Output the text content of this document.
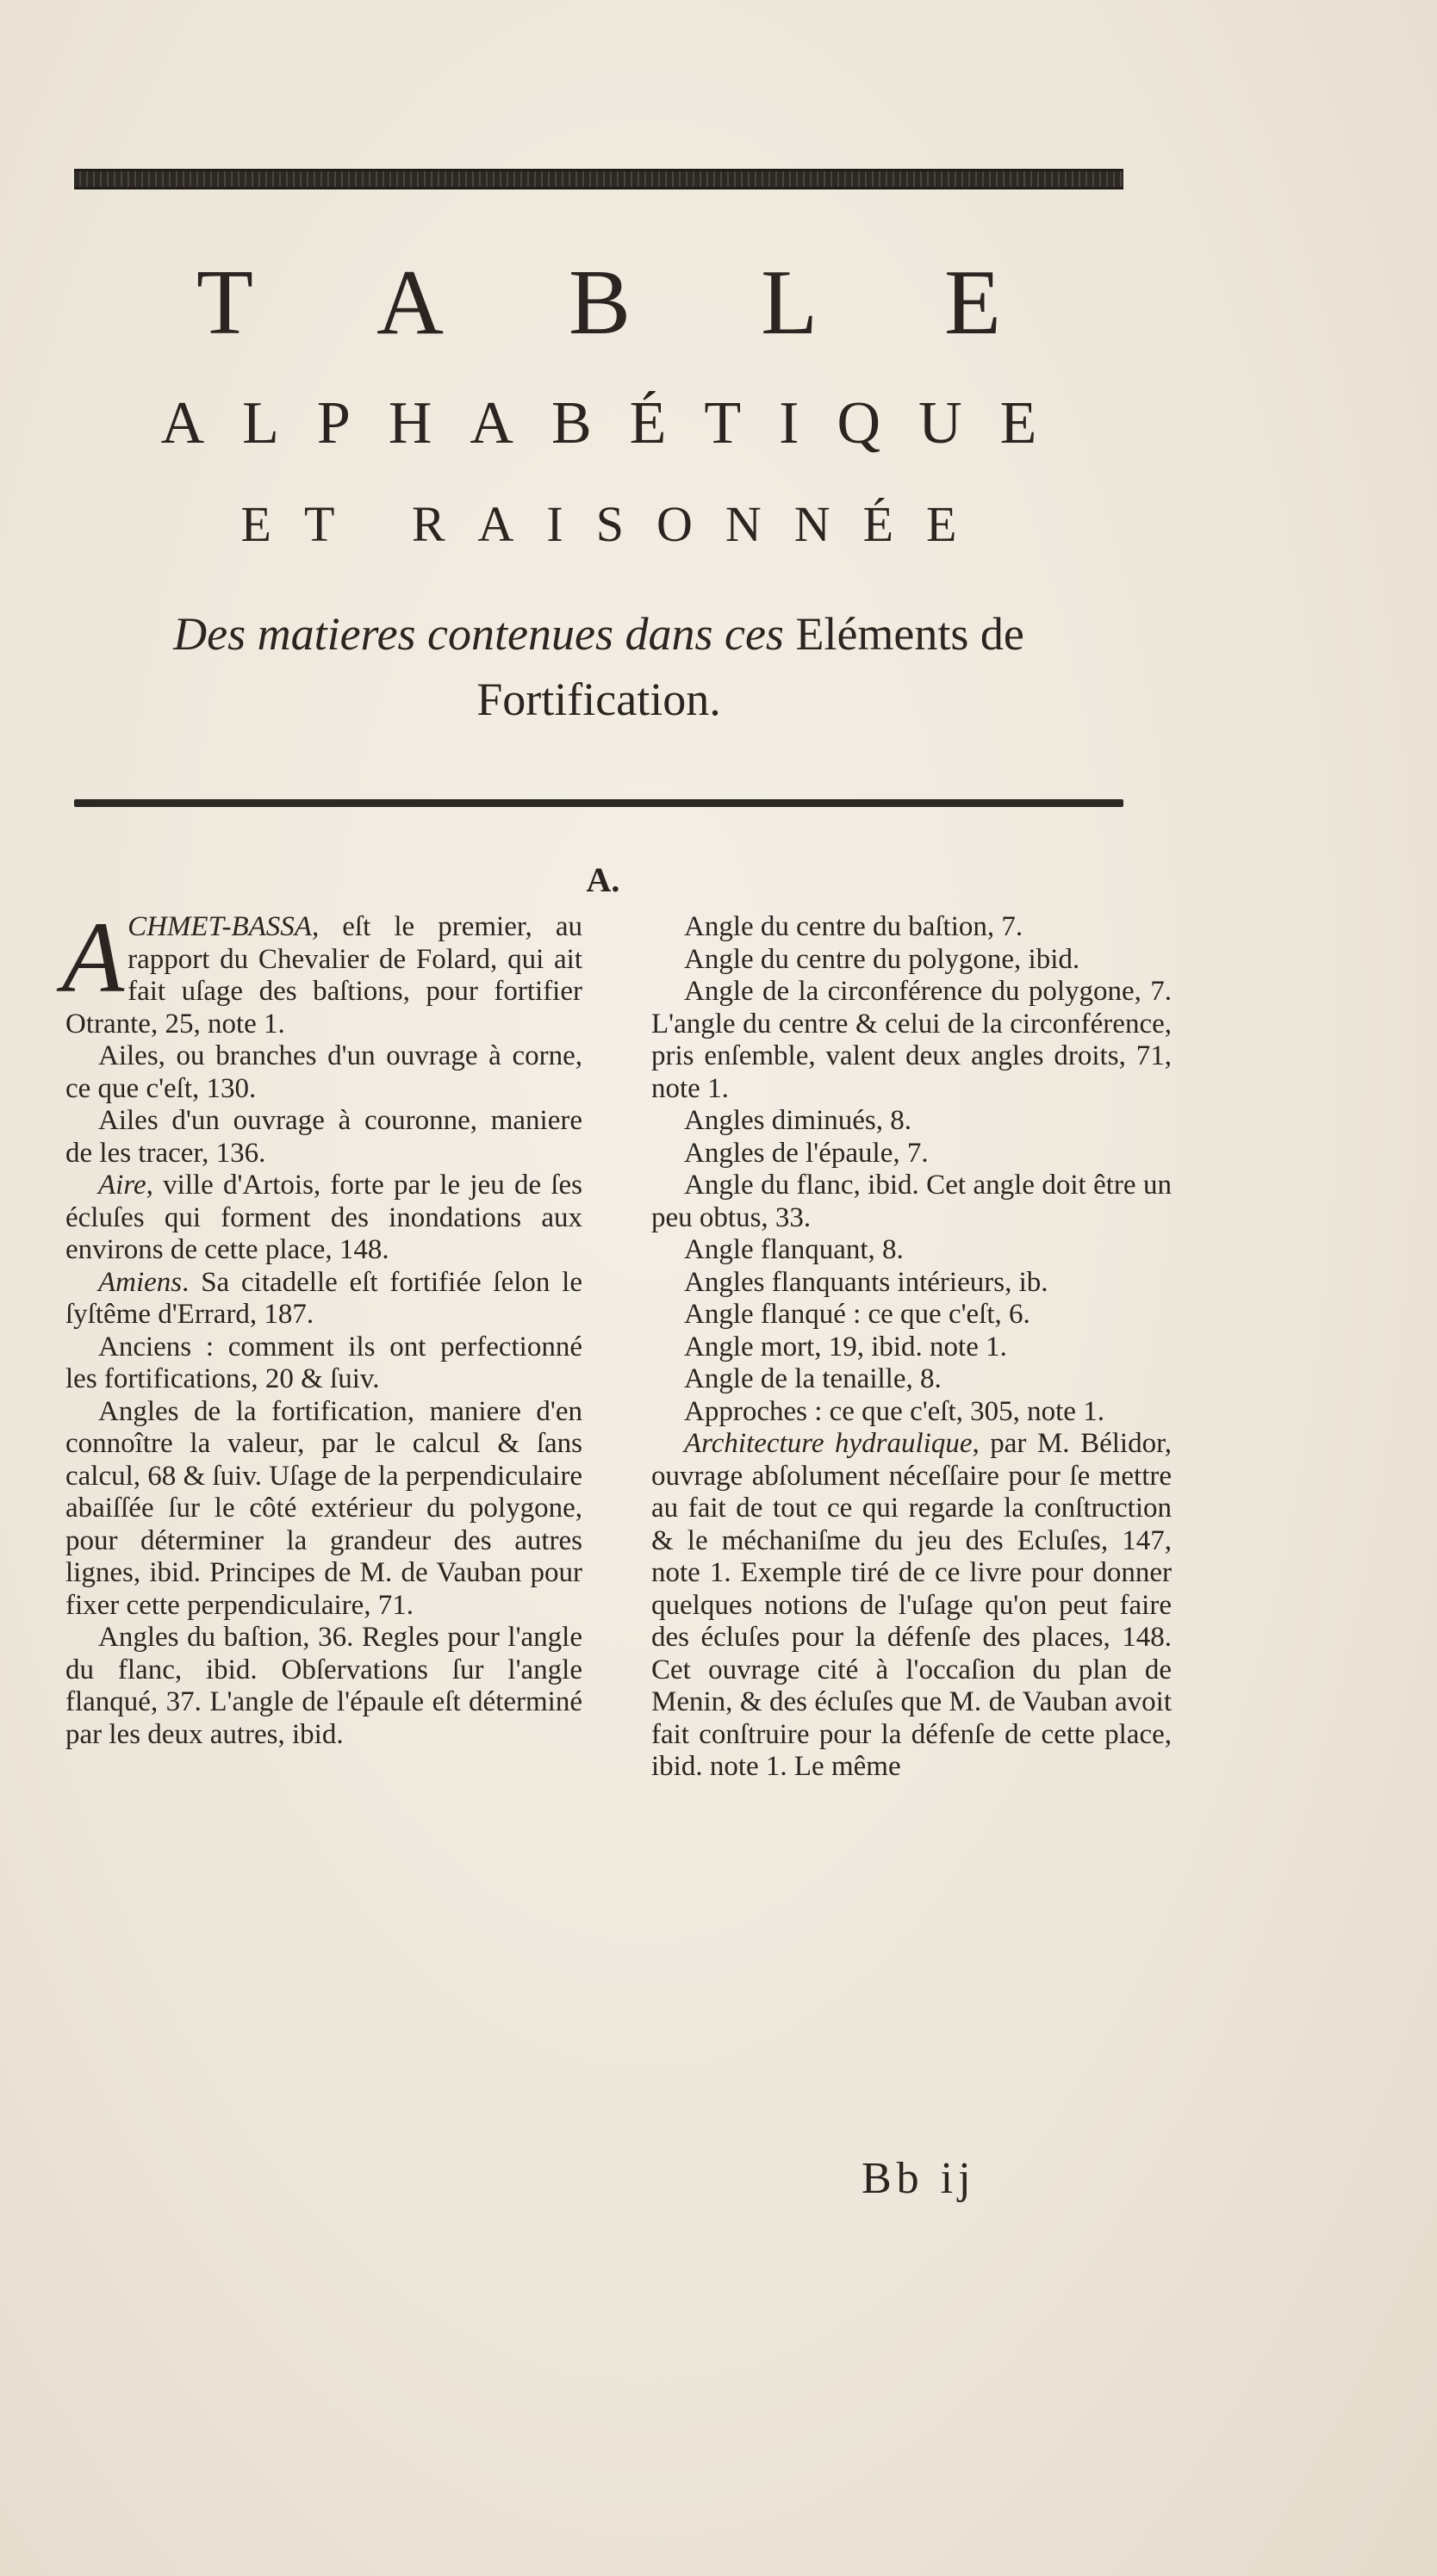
T A B L E
ALPHABÉTIQUE
ET RAISONNÉE
Des matieres contenues dans ces Eléments de
Fortification.
A.

ACHMET-BASSA, eſt le premier, au rapport du Chevalier de Folard, qui ait fait uſage des baſtions, pour fortifier Otrante, 25, note 1.

Ailes, ou branches d'un ouvrage à corne, ce que c'eſt, 130.

Ailes d'un ouvrage à couronne, maniere de les tracer, 136.

Aire, ville d'Artois, forte par le jeu de ſes écluſes qui forment des inondations aux environs de cette place, 148.

Amiens. Sa citadelle eſt fortifiée ſelon le ſyſtême d'Errard, 187.

Anciens : comment ils ont perfectionné les fortifications, 20 & ſuiv.

Angles de la fortification, maniere d'en connoître la valeur, par le calcul & ſans calcul, 68 & ſuiv. Uſage de la perpendiculaire abaiſſée ſur le côté extérieur du polygone, pour déterminer la grandeur des autres lignes, ibid. Principes de M. de Vauban pour fixer cette perpendiculaire, 71.

Angles du baſtion, 36. Regles pour l'angle du flanc, ibid. Obſervations ſur l'angle flanqué, 37. L'angle de l'épaule eſt déterminé par les deux autres, ibid.

Angle du centre du baſtion, 7.

Angle du centre du polygone, ibid.

Angle de la circonférence du polygone, 7. L'angle du centre & celui de la circonférence, pris enſemble, valent deux angles droits, 71, note 1.

Angles diminués, 8.

Angles de l'épaule, 7.

Angle du flanc, ibid. Cet angle doit être un peu obtus, 33.

Angle flanquant, 8.

Angles flanquants intérieurs, ib.

Angle flanqué : ce que c'eſt, 6.

Angle mort, 19, ibid. note 1.

Angle de la tenaille, 8.

Approches : ce que c'eſt, 305, note 1.

Architecture hydraulique, par M. Bélidor, ouvrage abſolument néceſſaire pour ſe mettre au fait de tout ce qui regarde la conſtruction & le méchaniſme du jeu des Ecluſes, 147, note 1. Exemple tiré de ce livre pour donner quelques notions de l'uſage qu'on peut faire des écluſes pour la défenſe des places, 148. Cet ouvrage cité à l'occaſion du plan de Menin, & des écluſes que M. de Vauban avoit fait conſtruire pour la défenſe de cette place, ibid. note 1. Le même

Bb ij
